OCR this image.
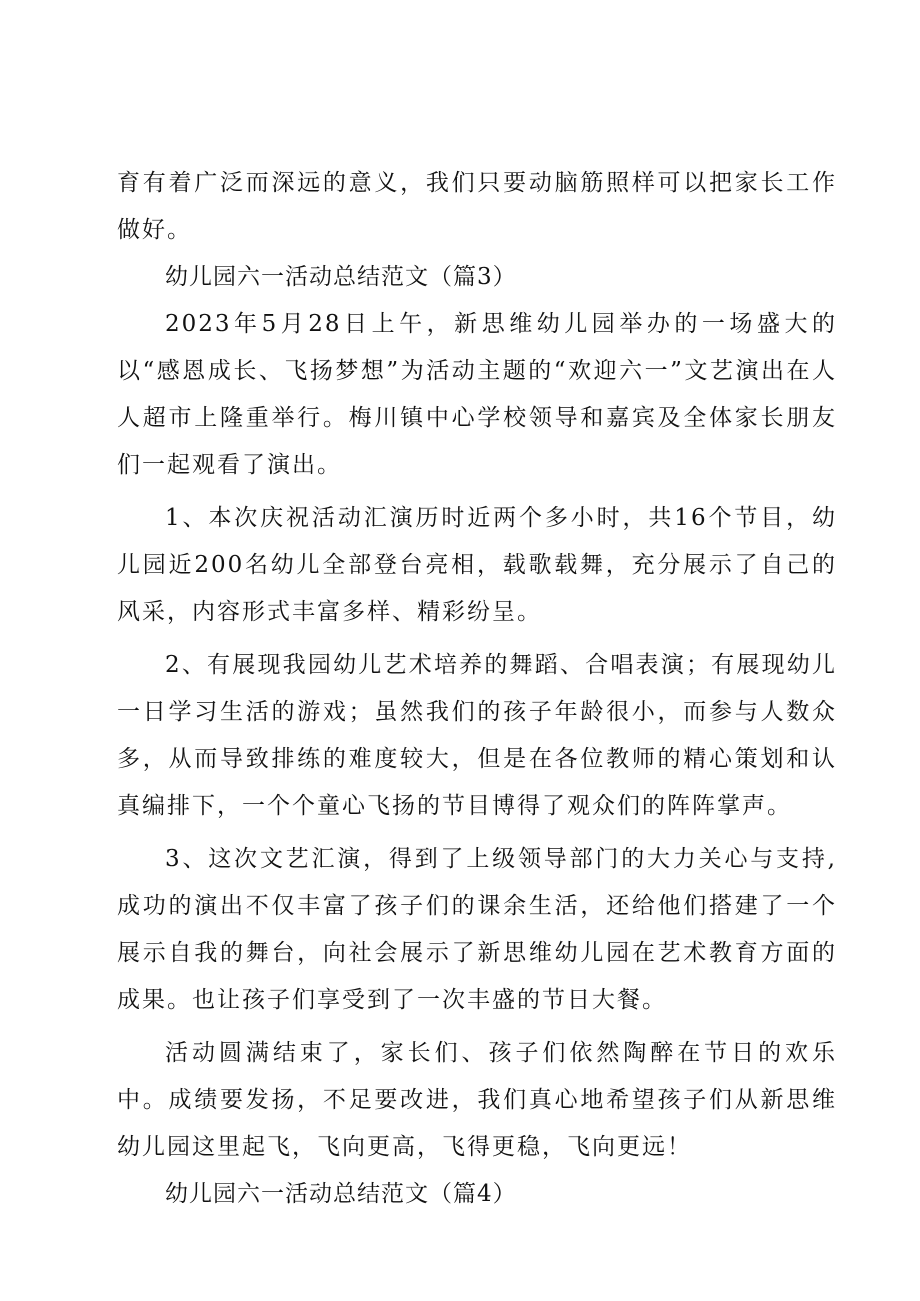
育有着广泛而深远的意义，我们只要动脑筋照样可以把家长工作做好。

幼儿园六一活动总结范文（篇3）

2023年5月28日上午，新思维幼儿园举办的一场盛大的以“感恩成长、飞扬梦想”为活动主题的“欢迎六一”文艺演出在人人超市上隆重举行。梅川镇中心学校领导和嘉宾及全体家长朋友们一起观看了演出。

1、本次庆祝活动汇演历时近两个多小时，共16个节目，幼儿园近200名幼儿全部登台亮相，载歌载舞，充分展示了自己的风采，内容形式丰富多样、精彩纷呈。

2、有展现我园幼儿艺术培养的舞蹈、合唱表演；有展现幼儿一日学习生活的游戏；虽然我们的孩子年龄很小，而参与人数众多，从而导致排练的难度较大，但是在各位教师的精心策划和认真编排下，一个个童心飞扬的节目博得了观众们的阵阵掌声。

3、这次文艺汇演，得到了上级领导部门的大力关心与支持,成功的演出不仅丰富了孩子们的课余生活，还给他们搭建了一个展示自我的舞台，向社会展示了新思维幼儿园在艺术教育方面的成果。也让孩子们享受到了一次丰盛的节日大餐。

活动圆满结束了，家长们、孩子们依然陶醉在节日的欢乐中。成绩要发扬，不足要改进，我们真心地希望孩子们从新思维幼儿园这里起飞，飞向更高，飞得更稳，飞向更远！

幼儿园六一活动总结范文（篇4）
